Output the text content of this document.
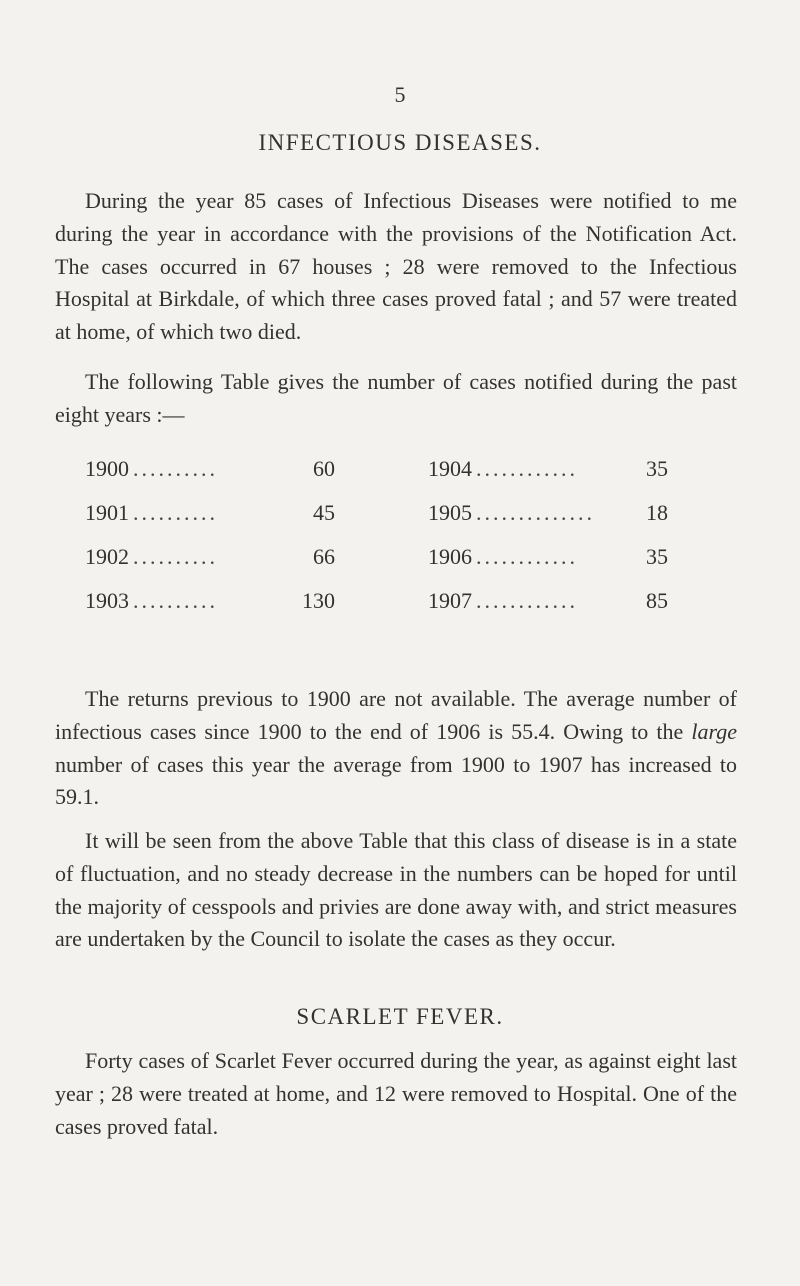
5
INFECTIOUS DISEASES.

During the year 85 cases of Infectious Diseases were notified to me during the year in accordance with the provisions of the Notification Act. The cases occurred in 67 houses ; 28 were removed to the Infectious Hospital at Birkdale, of which three cases proved fatal ; and 57 were treated at home, of which two died.

The following Table gives the number of cases notified during the past eight years :—

1900 ..........	60
1901 ..........	45
1902 ..........	66
1903 ..........	130
1904 ............	35
1905 ..............	18
1906 ............	35
1907 ............	85

The returns previous to 1900 are not available. The average number of infectious cases since 1900 to the end of 1906 is 55.4. Owing to the large number of cases this year the average from 1900 to 1907 has increased to 59.1.

It will be seen from the above Table that this class of disease is in a state of fluctuation, and no steady decrease in the numbers can be hoped for until the majority of cesspools and privies are done away with, and strict measures are undertaken by the Council to isolate the cases as they occur.

SCARLET FEVER.

Forty cases of Scarlet Fever occurred during the year, as against eight last year ; 28 were treated at home, and 12 were removed to Hospital. One of the cases proved fatal.
